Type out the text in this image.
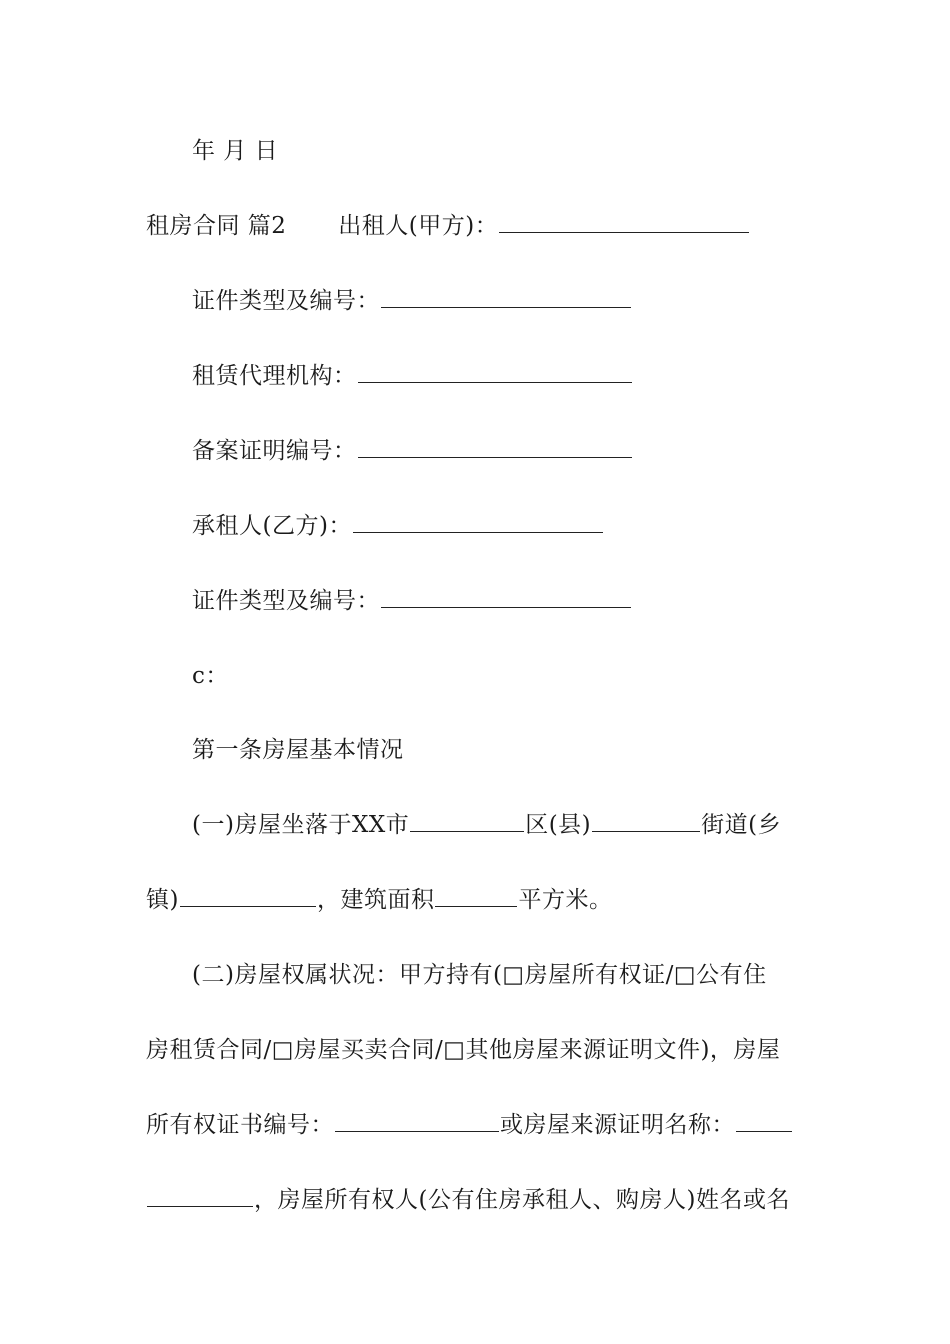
年 月 日
租房合同 篇2 出租人(甲方)：
证件类型及编号：
租赁代理机构：
备案证明编号：
承租人(乙方)：
证件类型及编号：
c：
第一条房屋基本情况
(一)房屋坐落于XX市	区(县)	街道(乡
镇)	，建筑面积	平方米。
(二)房屋权属状况：甲方持有(□房屋所有权证/□公有住
房租赁合同/□房屋买卖合同/□其他房屋来源证明文件)，房屋
所有权证书编号：	或房屋来源证明名称：
，房屋所有权人(公有住房承租人、购房人)姓名或名
